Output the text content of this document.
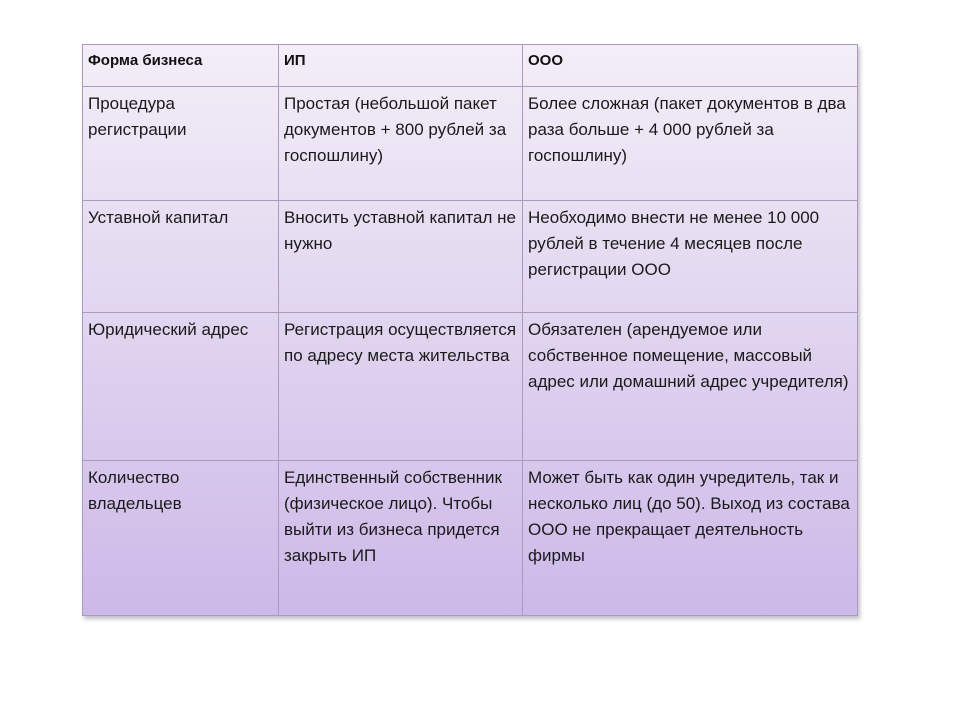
Форма бизнеса	ИП	ООО
Процедура регистрации	Простая (небольшой пакет документов + 800 рублей за госпошлину)	Более сложная (пакет документов в два раза больше + 4 000 рублей за госпошлину)
Уставной капитал	Вносить уставной капитал не нужно	Необходимо внести не менее 10 000 рублей в течение 4 месяцев после регистрации ООО
Юридический адрес	Регистрация осуществляется по адресу места жительства	Обязателен (арендуемое или собственное помещение, массовый адрес или домашний адрес учредителя)
Количество владельцев	Единственный собственник (физическое лицо). Чтобы выйти из бизнеса придется закрыть ИП	Может быть как один учредитель, так и несколько лиц (до 50). Выход из состава ООО не прекращает деятельность фирмы
